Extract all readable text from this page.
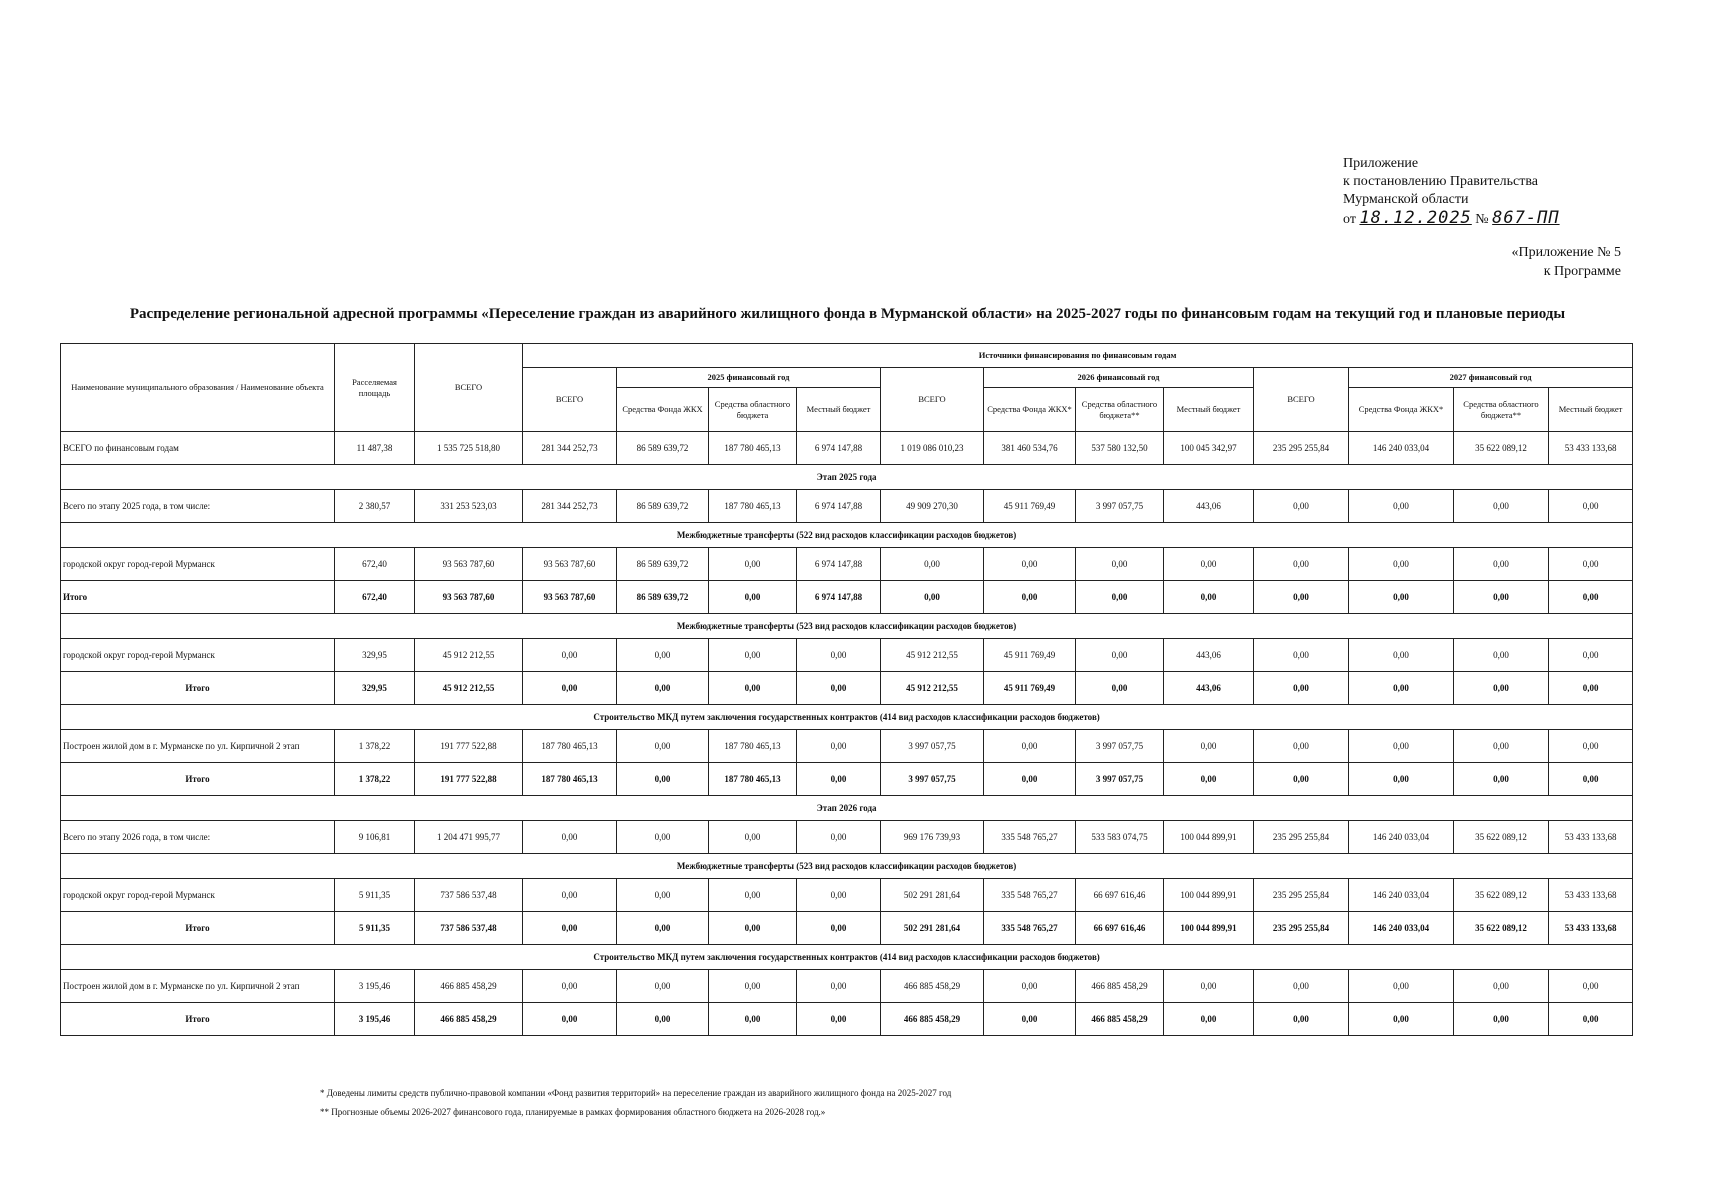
Приложение
к постановлению Правительства
Мурманской области
от 18.12.2025 № 867-ПП
«Приложение № 5
к Программе
Распределение региональной адресной программы «Переселение граждан из аварийного жилищного фонда в Мурманской области» на 2025-2027 годы по финансовым годам на текущий год и плановые периоды
Наименование муниципального образования / Наименование объекта	Расселяемая площадь	ВСЕГО	Источники финансирования по финансовым годам											
			ВСЕГО	2025 финансовый год			ВСЕГО	2026 финансовый год			ВСЕГО	2027 финансовый год		
				Средства Фонда ЖКХ	Средства областного бюджета	Местный бюджет		Средства Фонда ЖКХ*	Средства областного бюджета**	Местный бюджет		Средства Фонда ЖКХ*	Средства областного бюджета**	Местный бюджет
ВСЕГО по финансовым годам	11 487,38	1 535 725 518,80	281 344 252,73	86 589 639,72	187 780 465,13	6 974 147,88	1 019 086 010,23	381 460 534,76	537 580 132,50	100 045 342,97	235 295 255,84	146 240 033,04	35 622 089,12	53 433 133,68
Этап 2025 года														
Всего по этапу 2025 года, в том числе:	2 380,57	331 253 523,03	281 344 252,73	86 589 639,72	187 780 465,13	6 974 147,88	49 909 270,30	45 911 769,49	3 997 057,75	443,06	0,00	0,00	0,00	0,00
Межбюджетные трансферты (522 вид расходов классификации расходов бюджетов)														
городской округ город-герой Мурманск	672,40	93 563 787,60	93 563 787,60	86 589 639,72	0,00	6 974 147,88	0,00	0,00	0,00	0,00	0,00	0,00	0,00	0,00
Итого	672,40	93 563 787,60	93 563 787,60	86 589 639,72	0,00	6 974 147,88	0,00	0,00	0,00	0,00	0,00	0,00	0,00	0,00
Межбюджетные трансферты (523 вид расходов классификации расходов бюджетов)														
городской округ город-герой Мурманск	329,95	45 912 212,55	0,00	0,00	0,00	0,00	45 912 212,55	45 911 769,49	0,00	443,06	0,00	0,00	0,00	0,00
Итого	329,95	45 912 212,55	0,00	0,00	0,00	0,00	45 912 212,55	45 911 769,49	0,00	443,06	0,00	0,00	0,00	0,00
Строительство МКД путем заключения государственных контрактов (414 вид расходов классификации расходов бюджетов)														
Построен жилой дом в г. Мурманске по ул. Кирпичной 2 этап	1 378,22	191 777 522,88	187 780 465,13	0,00	187 780 465,13	0,00	3 997 057,75	0,00	3 997 057,75	0,00	0,00	0,00	0,00	0,00
Итого	1 378,22	191 777 522,88	187 780 465,13	0,00	187 780 465,13	0,00	3 997 057,75	0,00	3 997 057,75	0,00	0,00	0,00	0,00	0,00
Этап 2026 года														
Всего по этапу 2026 года, в том числе:	9 106,81	1 204 471 995,77	0,00	0,00	0,00	0,00	969 176 739,93	335 548 765,27	533 583 074,75	100 044 899,91	235 295 255,84	146 240 033,04	35 622 089,12	53 433 133,68
Межбюджетные трансферты (523 вид расходов классификации расходов бюджетов)														
городской округ город-герой Мурманск	5 911,35	737 586 537,48	0,00	0,00	0,00	0,00	502 291 281,64	335 548 765,27	66 697 616,46	100 044 899,91	235 295 255,84	146 240 033,04	35 622 089,12	53 433 133,68
Итого	5 911,35	737 586 537,48	0,00	0,00	0,00	0,00	502 291 281,64	335 548 765,27	66 697 616,46	100 044 899,91	235 295 255,84	146 240 033,04	35 622 089,12	53 433 133,68
Строительство МКД путем заключения государственных контрактов (414 вид расходов классификации расходов бюджетов)														
Построен жилой дом в г. Мурманске по ул. Кирпичной 2 этап	3 195,46	466 885 458,29	0,00	0,00	0,00	0,00	466 885 458,29	0,00	466 885 458,29	0,00	0,00	0,00	0,00	0,00
Итого	3 195,46	466 885 458,29	0,00	0,00	0,00	0,00	466 885 458,29	0,00	466 885 458,29	0,00	0,00	0,00	0,00	0,00
* Доведены лимиты средств публично-правовой компании «Фонд развития территорий» на переселение граждан из аварийного жилищного фонда на 2025-2027 год
** Прогнозные объемы 2026-2027 финансового года, планируемые в рамках формирования областного бюджета на 2026-2028 год.»
